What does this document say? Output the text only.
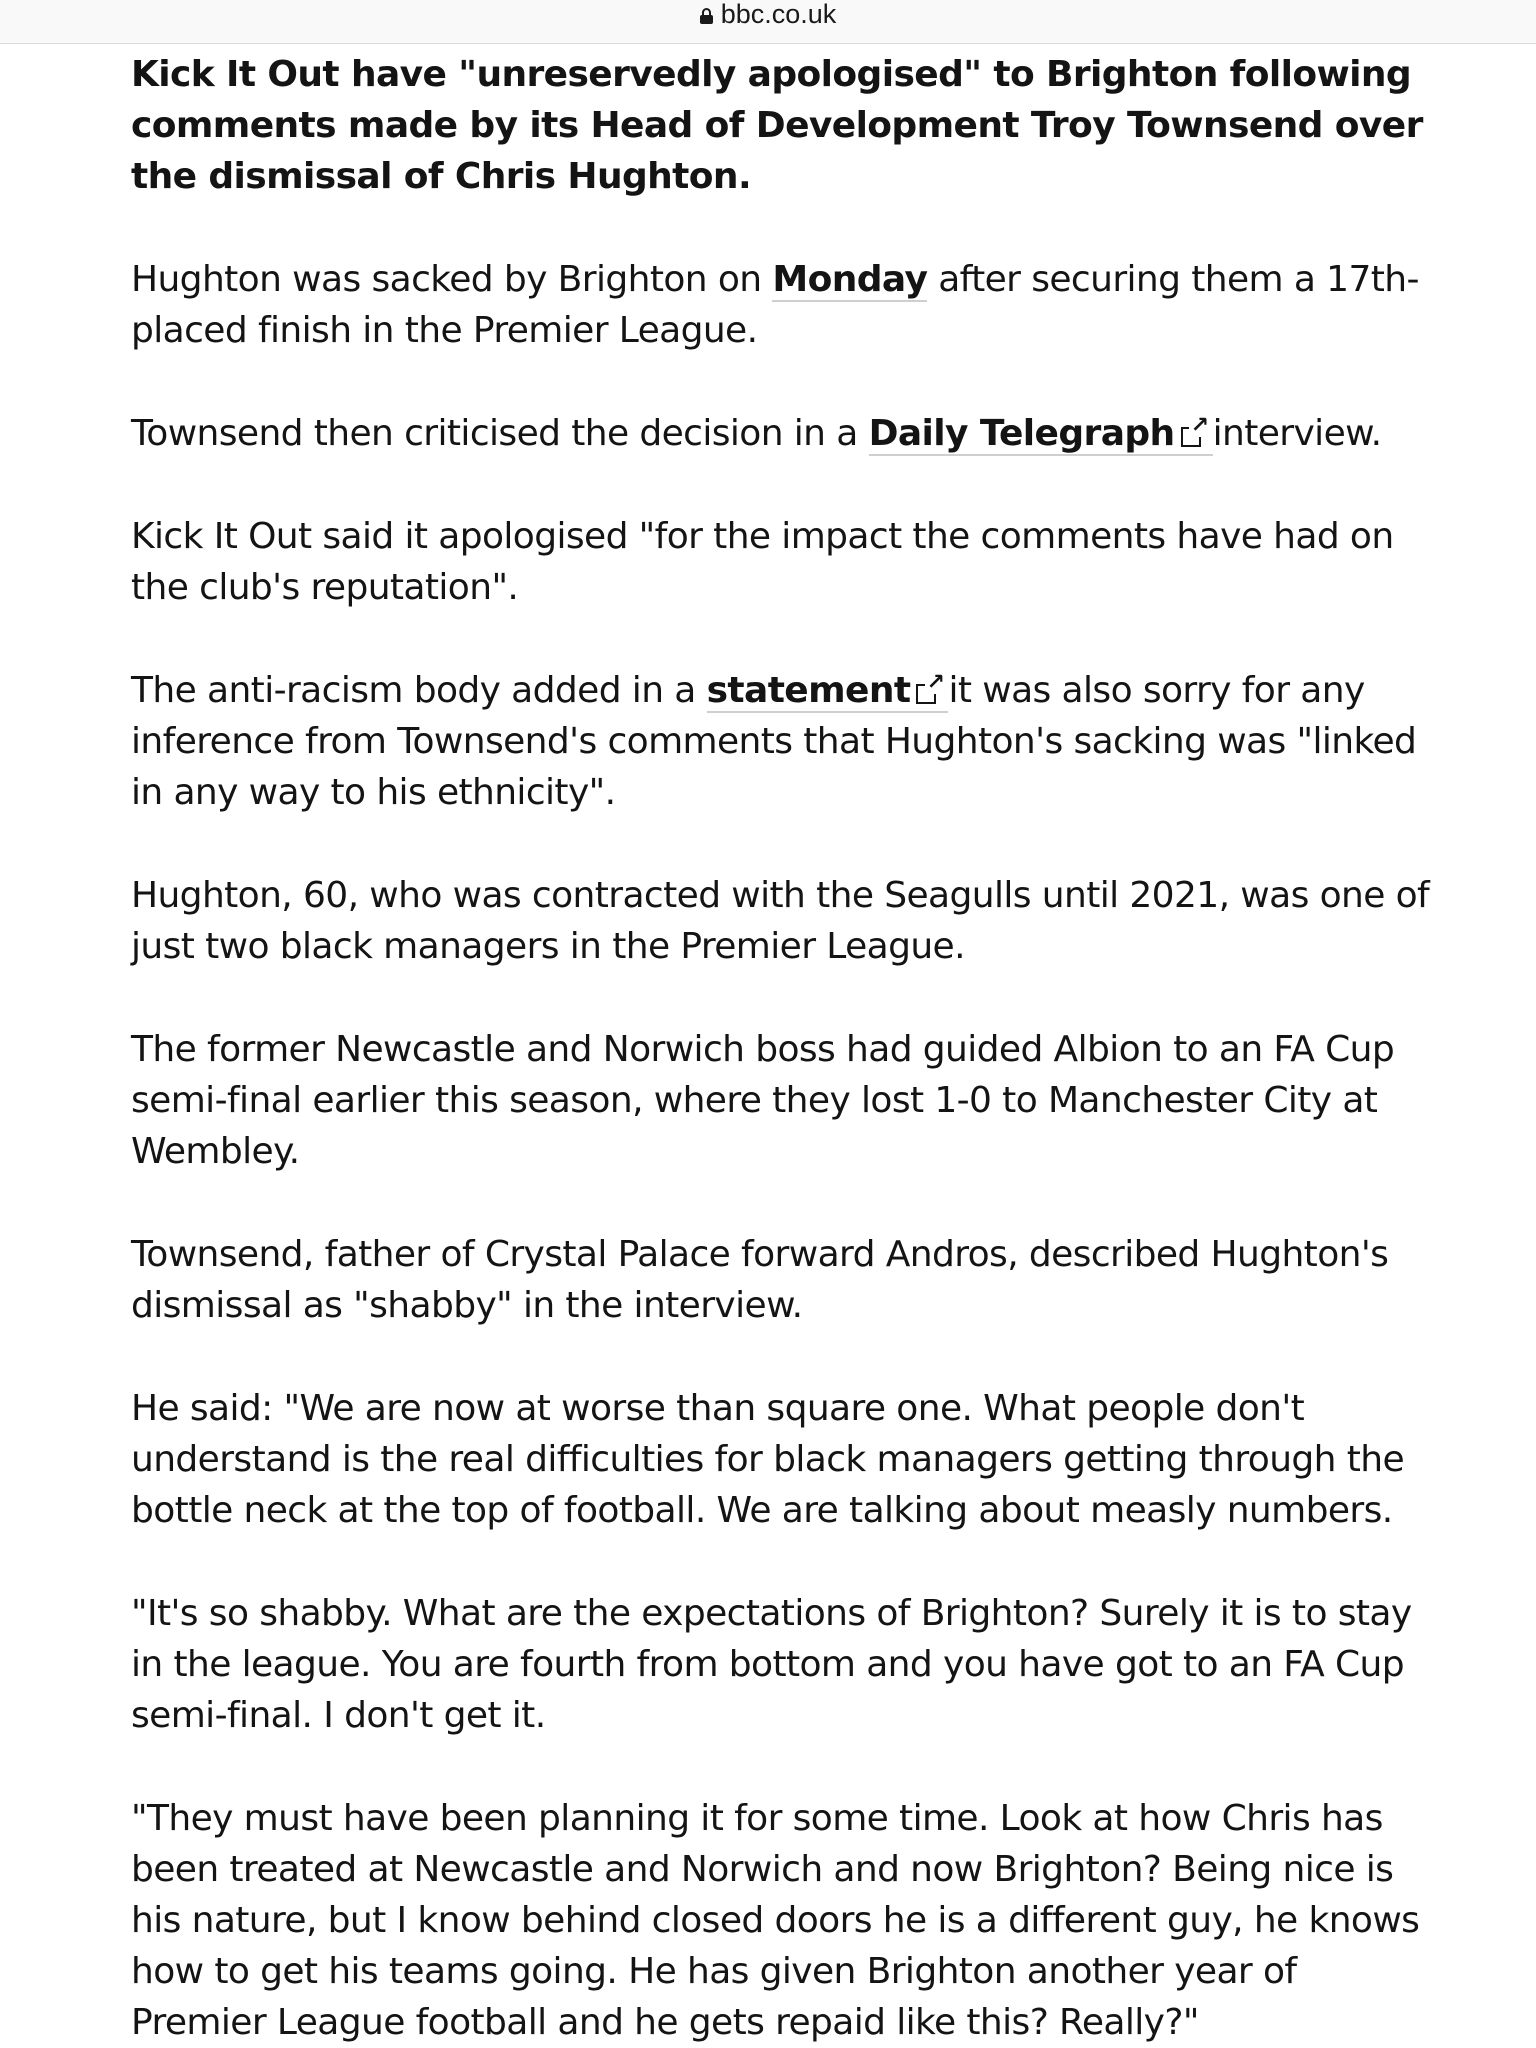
bbc.co.uk

Kick It Out have "unreservedly apologised" to Brighton following comments made by its Head of Development Troy Townsend over the dismissal of Chris Hughton.

Hughton was sacked by Brighton on Monday after securing them a 17th-placed finish in the Premier League.

Townsend then criticised the decision in a Daily Telegraph ↗ interview.

Kick It Out said it apologised "for the impact the comments have had on the club's reputation".

The anti-racism body added in a statement ↗ it was also sorry for any inference from Townsend's comments that Hughton's sacking was "linked in any way to his ethnicity".

Hughton, 60, who was contracted with the Seagulls until 2021, was one of just two black managers in the Premier League.

The former Newcastle and Norwich boss had guided Albion to an FA Cup semi-final earlier this season, where they lost 1-0 to Manchester City at Wembley.

Townsend, father of Crystal Palace forward Andros, described Hughton's dismissal as "shabby" in the interview.

He said: "We are now at worse than square one. What people don't understand is the real difficulties for black managers getting through the bottle neck at the top of football. We are talking about measly numbers.

"It's so shabby. What are the expectations of Brighton? Surely it is to stay in the league. You are fourth from bottom and you have got to an FA Cup semi-final. I don't get it.

"They must have been planning it for some time. Look at how Chris has been treated at Newcastle and Norwich and now Brighton? Being nice is his nature, but I know behind closed doors he is a different guy, he knows how to get his teams going. He has given Brighton another year of Premier League football and he gets repaid like this? Really?"
